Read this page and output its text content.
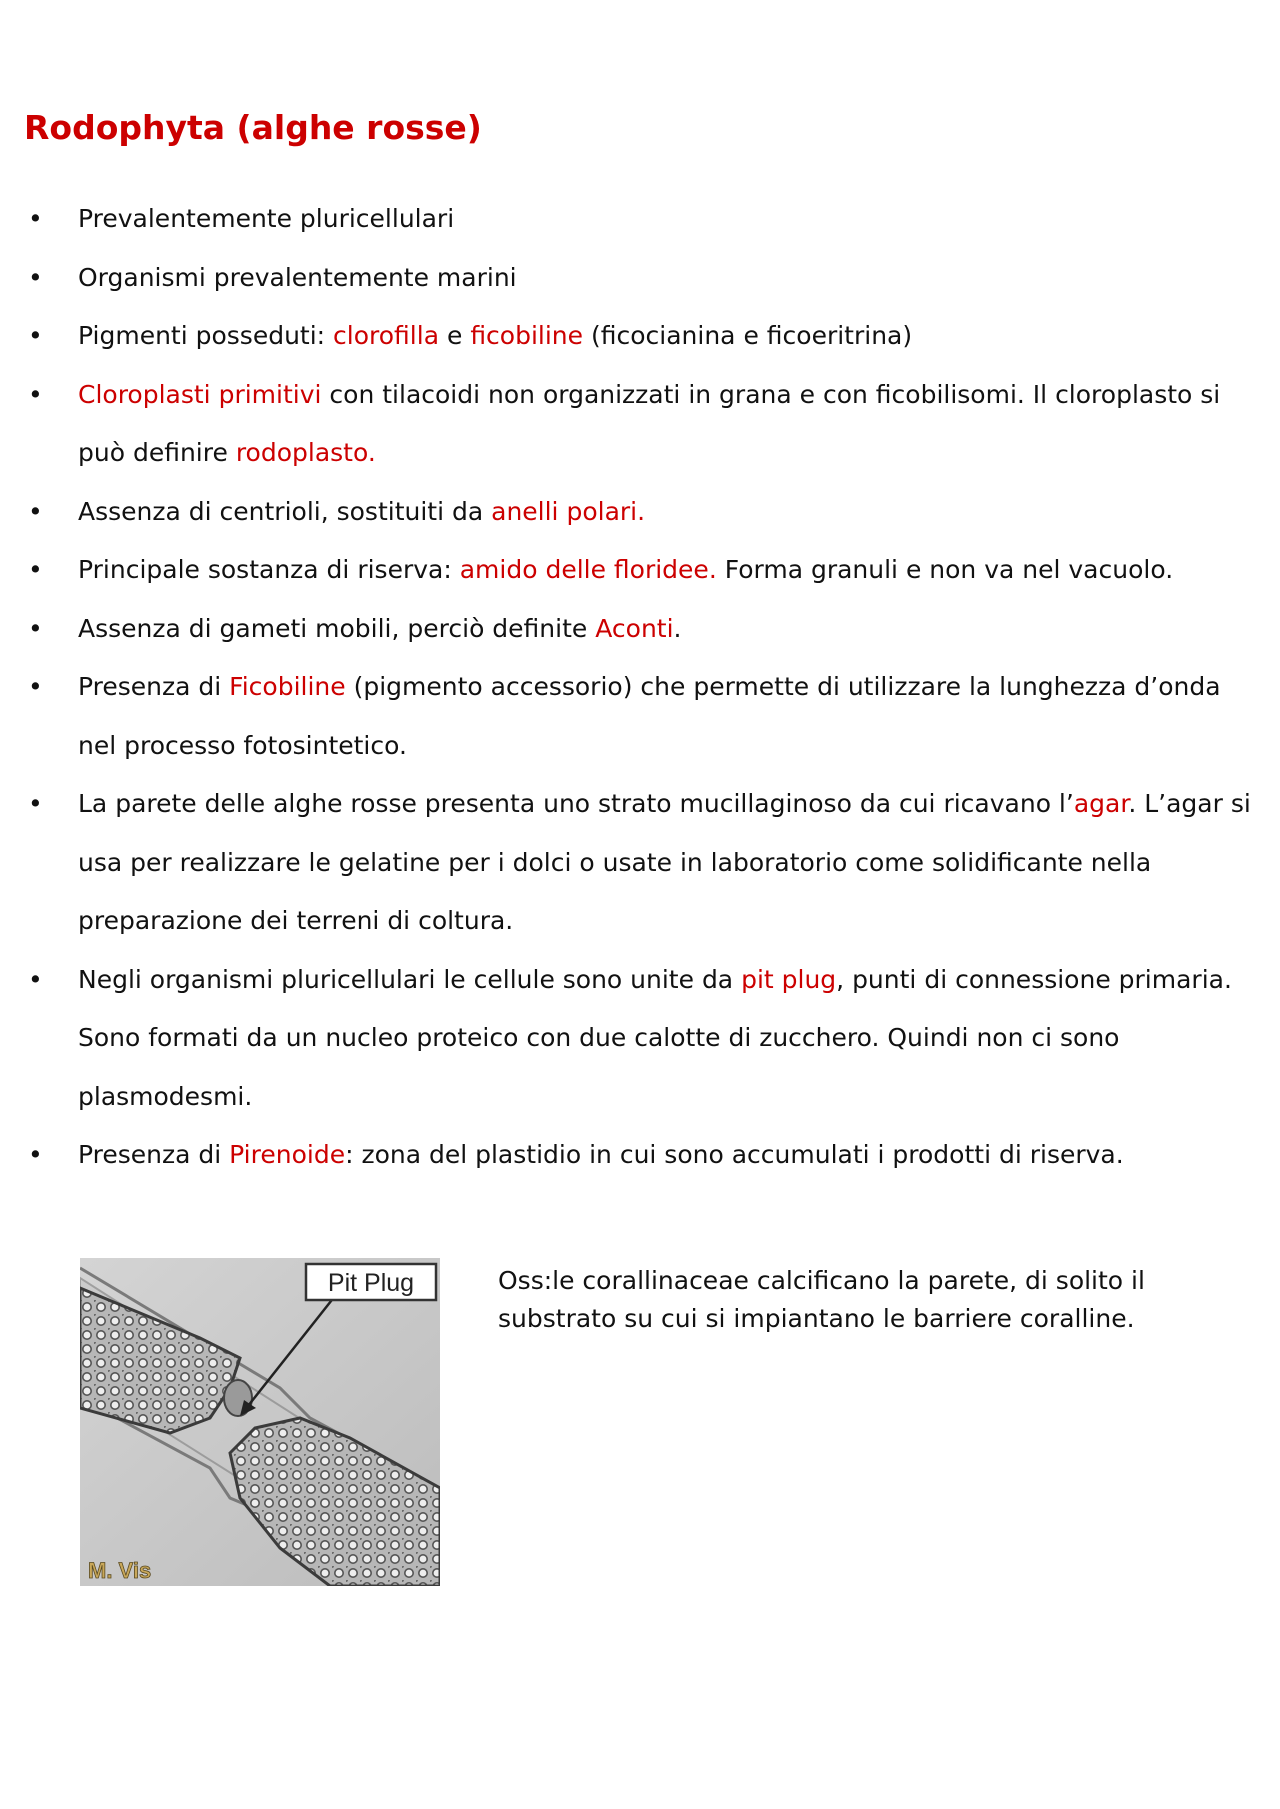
Rodophyta (alghe rosse)
• Prevalentemente pluricellulari
• Organismi prevalentemente marini
• Pigmenti posseduti: clorofilla e ficobiline (ficocianina e ficoeritrina)
• Cloroplasti primitivi con tilacoidi non organizzati in grana e con ficobilisomi. Il cloroplasto si può definire rodoplasto.
• Assenza di centrioli, sostituiti da anelli polari.
• Principale sostanza di riserva: amido delle floridee. Forma granuli e non va nel vacuolo.
• Assenza di gameti mobili, perciò definite Aconti.
• Presenza di Ficobiline (pigmento accessorio) che permette di utilizzare la lunghezza d’onda nel processo fotosintetico.
• La parete delle alghe rosse presenta uno strato mucillaginoso da cui ricavano l’agar. L’agar si usa per realizzare le gelatine per i dolci o usate in laboratorio come solidificante nella preparazione dei terreni di coltura.
• Negli organismi pluricellulari le cellule sono unite da pit plug, punti di connessione primaria. Sono formati da un nucleo proteico con due calotte di zucchero. Quindi non ci sono plasmodesmi.
• Presenza di Pirenoide: zona del plastidio in cui sono accumulati i prodotti di riserva.
Pit Plug
M. Vis

Oss:le corallinaceae calcificano la parete, di solito il substrato su cui si impiantano le barriere coralline.
